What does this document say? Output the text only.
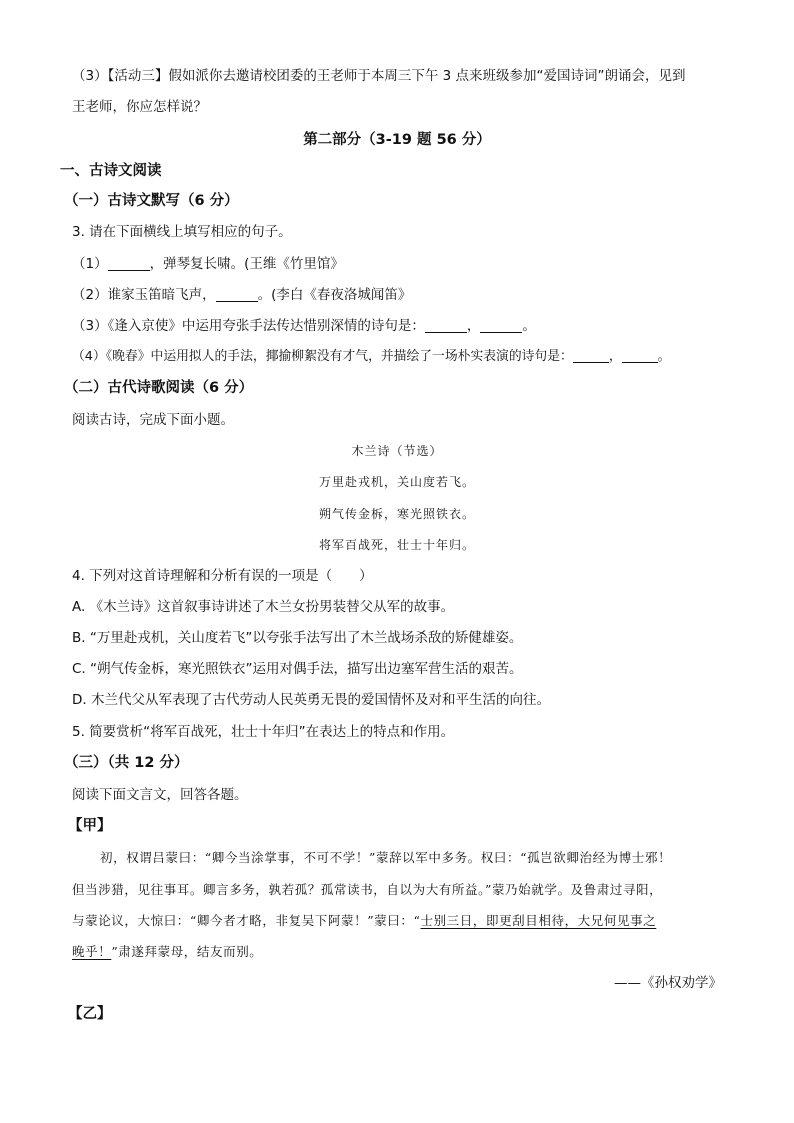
（3）【活动三】假如派你去邀请校团委的王老师于本周三下午 3 点来班级参加“爱国诗词”朗诵会，见到
王老师，你应怎样说？
第二部分（3-19 题 56 分）
一、古诗文阅读
（一）古诗文默写（6 分）
3. 请在下面横线上填写相应的句子。
（1）	，弹琴复长啸。(王维《竹里馆》
（2）谁家玉笛暗飞声，	。(李白《春夜洛城闻笛》
（3）《逢入京使》中运用夸张手法传达惜别深情的诗句是：	，	。
（4）《晚春》中运用拟人的手法，揶揄柳絮没有才气，并描绘了一场朴实表演的诗句是：	，	。
（二）古代诗歌阅读（6 分）
阅读古诗，完成下面小题。
木兰诗（节选）
万里赴戎机，关山度若飞。
朔气传金柝，寒光照铁衣。
将军百战死，壮士十年归。
4. 下列对这首诗理解和分析有误的一项是（　　）
A. 《木兰诗》这首叙事诗讲述了木兰女扮男装替父从军的故事。
B. “万里赴戎机，关山度若飞”以夸张手法写出了木兰战场杀敌的矫健雄姿。
C. “朔气传金柝，寒光照铁衣”运用对偶手法，描写出边塞军营生活的艰苦。
D. 木兰代父从军表现了古代劳动人民英勇无畏的爱国情怀及对和平生活的向往。
5. 简要赏析“将军百战死，壮士十年归”在表达上的特点和作用。
（三）（共 12 分）
阅读下面文言文，回答各题。
【甲】
初，权谓吕蒙曰：“卿今当涂掌事，不可不学！”蒙辞以军中多务。权曰：“孤岂欲卿治经为博士邪！
但当涉猎，见往事耳。卿言多务，孰若孤？孤常读书，自以为大有所益。”蒙乃始就学。及鲁肃过寻阳，
与蒙论议，大惊曰：“卿今者才略，非复吴下阿蒙！”蒙曰：“士别三日，即更刮目相待，大兄何见事之
晚乎！”肃遂拜蒙母，结友而别。
——《孙权劝学》
【乙】
